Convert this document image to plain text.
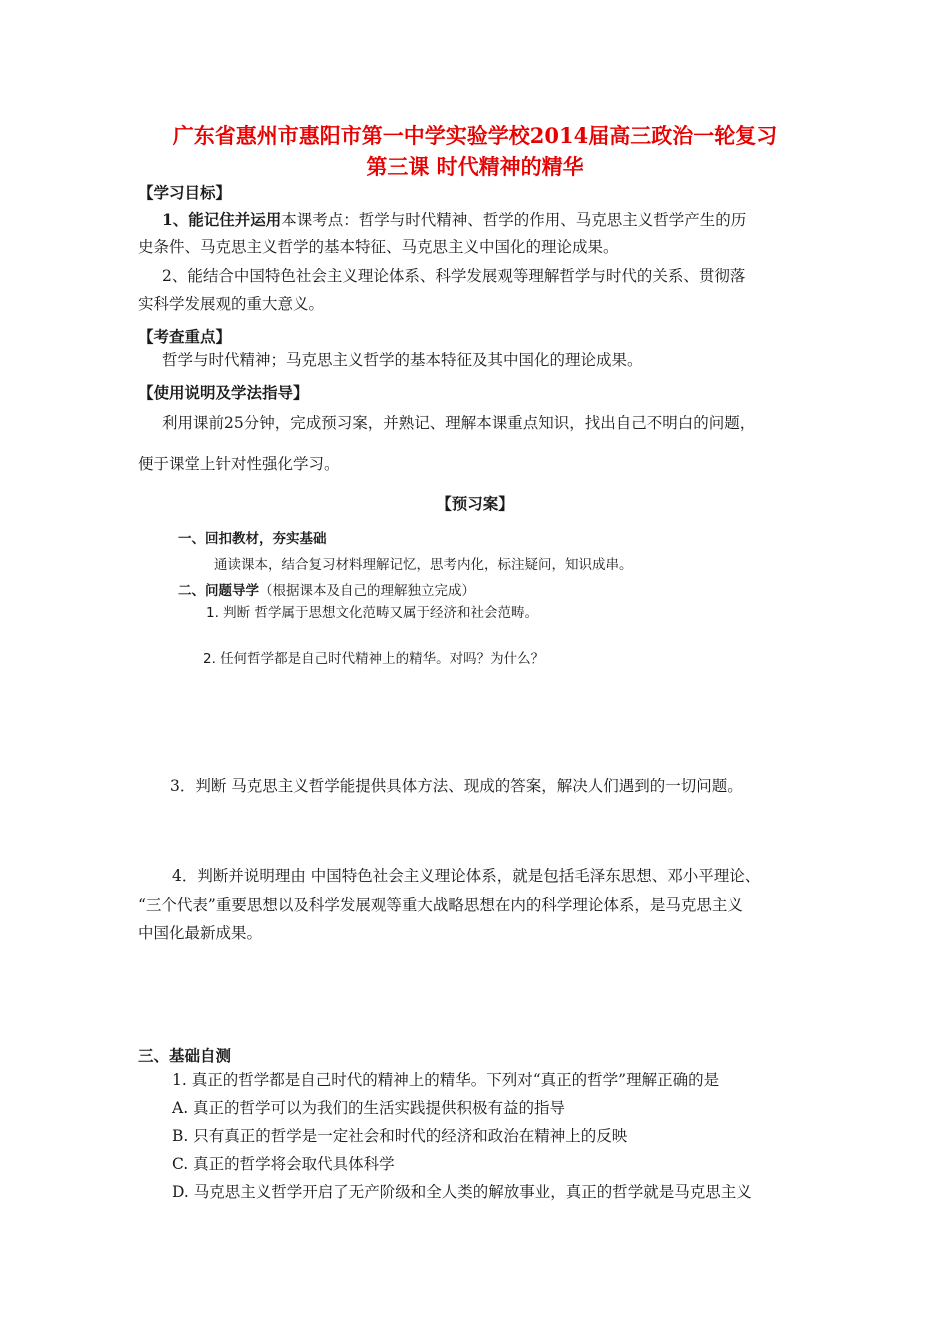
广东省惠州市惠阳市第一中学实验学校2014届高三政治一轮复习
第三课 时代精神的精华
【学习目标】
1、能记住并运用本课考点：哲学与时代精神、哲学的作用、马克思主义哲学产生的历
史条件、马克思主义哲学的基本特征、马克思主义中国化的理论成果。
2、能结合中国特色社会主义理论体系、科学发展观等理解哲学与时代的关系、贯彻落
实科学发展观的重大意义。
【考查重点】
哲学与时代精神；马克思主义哲学的基本特征及其中国化的理论成果。
【使用说明及学法指导】
利用课前25分钟，完成预习案，并熟记、理解本课重点知识，找出自己不明白的问题，
便于课堂上针对性强化学习。
【预习案】
一、回扣教材，夯实基础
通读课本，结合复习材料理解记忆，思考内化，标注疑问，知识成串。
二、问题导学（根据课本及自己的理解独立完成）
1. 判断 哲学属于思想文化范畴又属于经济和社会范畴。
2. 任何哲学都是自己时代精神上的精华。对吗？为什么？
3．判断 马克思主义哲学能提供具体方法、现成的答案，解决人们遇到的一切问题。
4．判断并说明理由 中国特色社会主义理论体系，就是包括毛泽东思想、邓小平理论、
“三个代表”重要思想以及科学发展观等重大战略思想在内的科学理论体系，是马克思主义
中国化最新成果。
三、基础自测
1. 真正的哲学都是自己时代的精神上的精华。下列对“真正的哲学”理解正确的是
A. 真正的哲学可以为我们的生活实践提供积极有益的指导
B. 只有真正的哲学是一定社会和时代的经济和政治在精神上的反映
C. 真正的哲学将会取代具体科学
D. 马克思主义哲学开启了无产阶级和全人类的解放事业，真正的哲学就是马克思主义
